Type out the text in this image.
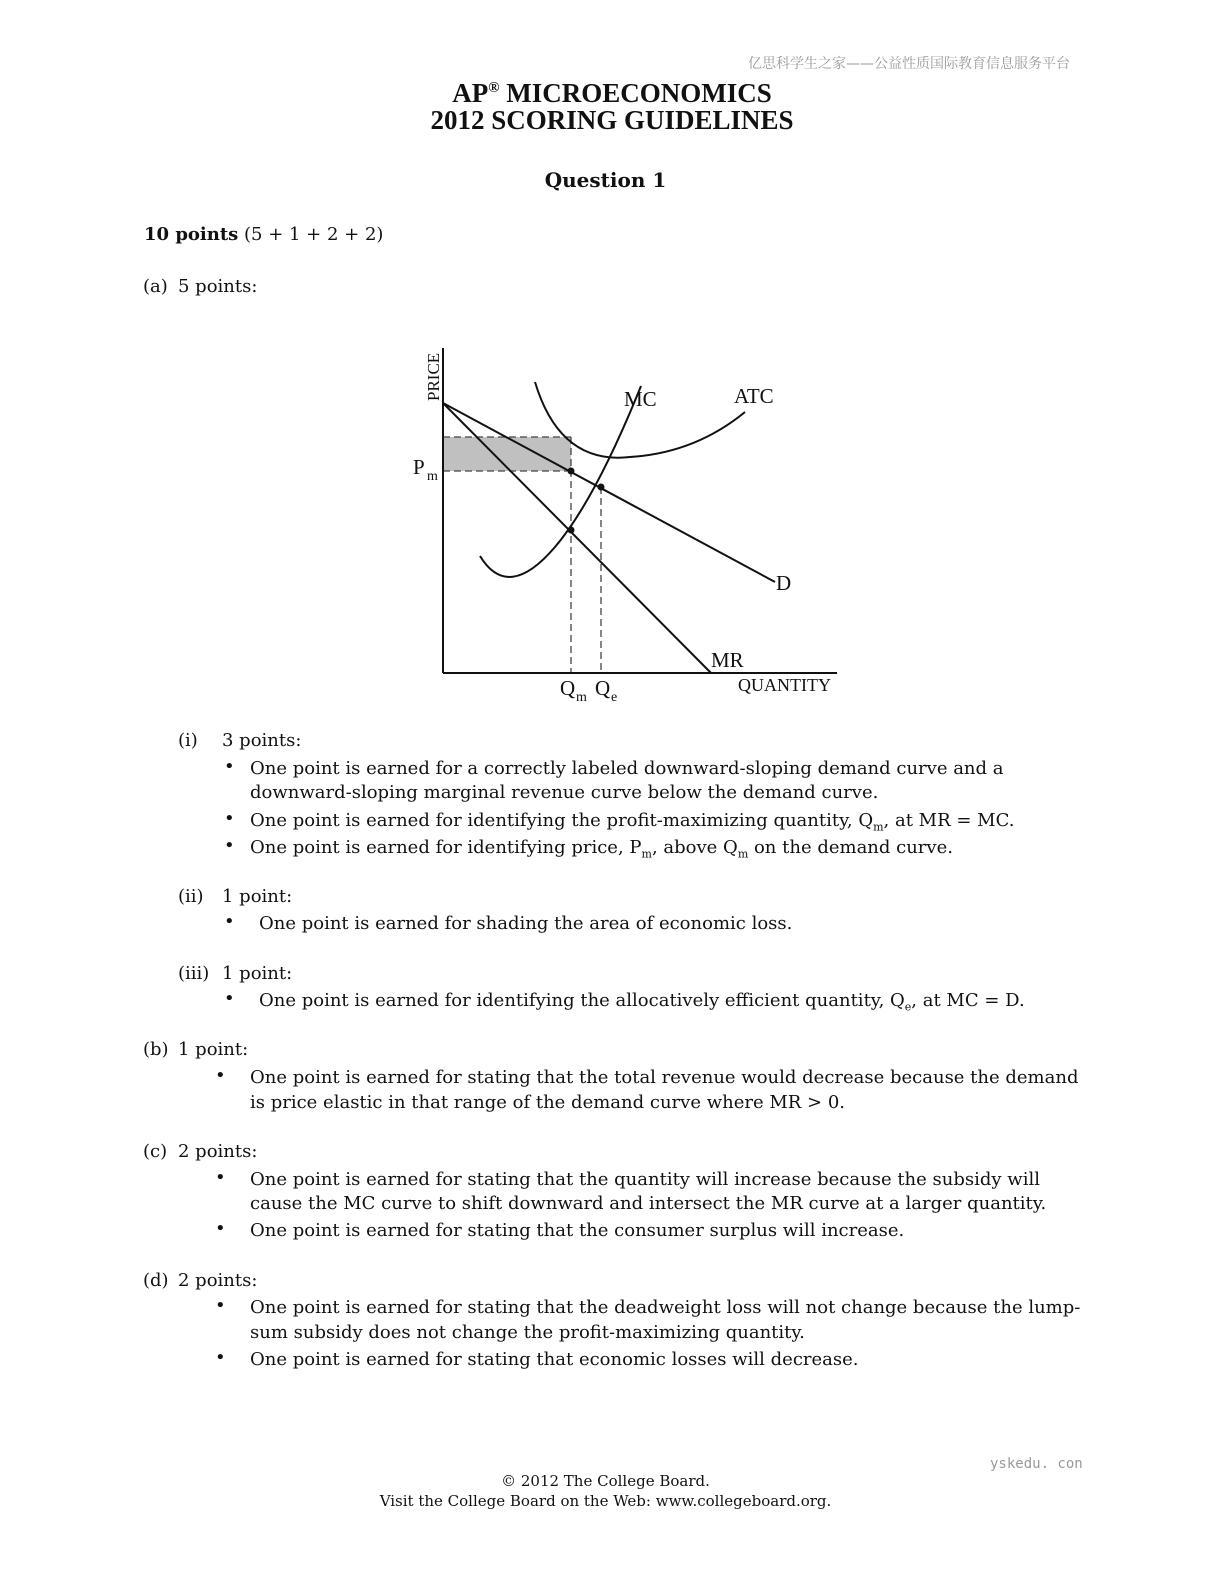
亿思科学生之家——公益性质国际教育信息服务平台
yskedu. con
AP® MICROECONOMICS
2012 SCORING GUIDELINES
Question 1
10 points (5 + 1 + 2 + 2)
(a) 5 points:
PRICE
QUANTITY
MC	ATC
D
MR
P m
Q m Q e
(i) 3 points:
• One point is earned for a correctly labeled downward-sloping demand curve and a
downward-sloping marginal revenue curve below the demand curve.
• One point is earned for identifying the profit-maximizing quantity, $Q_m$, at MR = MC.
• One point is earned for identifying price, $P_m$, above $Q_m$ on the demand curve.
(ii) 1 point:
• One point is earned for shading the area of economic loss.
(iii) 1 point:
• One point is earned for identifying the allocatively efficient quantity, $Q_e$, at MC = D.
(b) 1 point:
• One point is earned for stating that the total revenue would decrease because the demand
is price elastic in that range of the demand curve where MR > 0.
(c) 2 points:
• One point is earned for stating that the quantity will increase because the subsidy will
cause the MC curve to shift downward and intersect the MR curve at a larger quantity.
• One point is earned for stating that the consumer surplus will increase.
(d) 2 points:
• One point is earned for stating that the deadweight loss will not change because the lump-
sum subsidy does not change the profit-maximizing quantity.
• One point is earned for stating that economic losses will decrease.
© 2012 The College Board.
Visit the College Board on the Web: www.collegeboard.org.
